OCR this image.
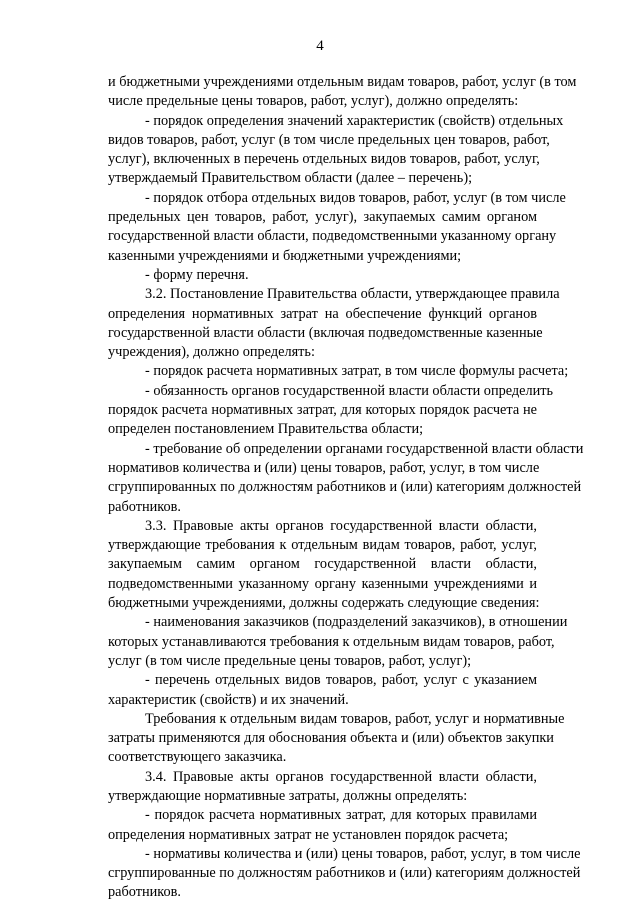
4
и бюджетными учреждениями отдельным видам товаров, работ, услуг (в том
числе предельные цены товаров, работ, услуг), должно определять:
- порядок определения значений характеристик (свойств) отдельных
видов товаров, работ, услуг (в том числе предельных цен товаров, работ,
услуг), включенных в перечень отдельных видов товаров, работ, услуг,
утверждаемый Правительством области (далее – перечень);
- порядок отбора отдельных видов товаров, работ, услуг (в том числе
предельных цен товаров, работ, услуг), закупаемых самим органом
государственной власти области, подведомственными указанному органу
казенными учреждениями и бюджетными учреждениями;
- форму перечня.
3.2. Постановление Правительства области, утверждающее правила
определения нормативных затрат на обеспечение функций органов
государственной власти области (включая подведомственные казенные
учреждения), должно определять:
- порядок расчета нормативных затрат, в том числе формулы расчета;
- обязанность органов государственной власти области определить
порядок расчета нормативных затрат, для которых порядок расчета не
определен постановлением Правительства области;
- требование об определении органами государственной власти области
нормативов количества и (или) цены товаров, работ, услуг, в том числе
сгруппированных по должностям работников и (или) категориям должностей
работников.
3.3. Правовые акты органов государственной власти области,
утверждающие требования к отдельным видам товаров, работ, услуг,
закупаемым самим органом государственной власти области,
подведомственными указанному органу казенными учреждениями и
бюджетными учреждениями, должны содержать следующие сведения:
- наименования заказчиков (подразделений заказчиков), в отношении
которых устанавливаются требования к отдельным видам товаров, работ,
услуг (в том числе предельные цены товаров, работ, услуг);
- перечень отдельных видов товаров, работ, услуг с указанием
характеристик (свойств) и их значений.
Требования к отдельным видам товаров, работ, услуг и нормативные
затраты применяются для обоснования объекта и (или) объектов закупки
соответствующего заказчика.
3.4. Правовые акты органов государственной власти области,
утверждающие нормативные затраты, должны определять:
- порядок расчета нормативных затрат, для которых правилами
определения нормативных затрат не установлен порядок расчета;
- нормативы количества и (или) цены товаров, работ, услуг, в том числе
сгруппированные по должностям работников и (или) категориям должностей
работников.
